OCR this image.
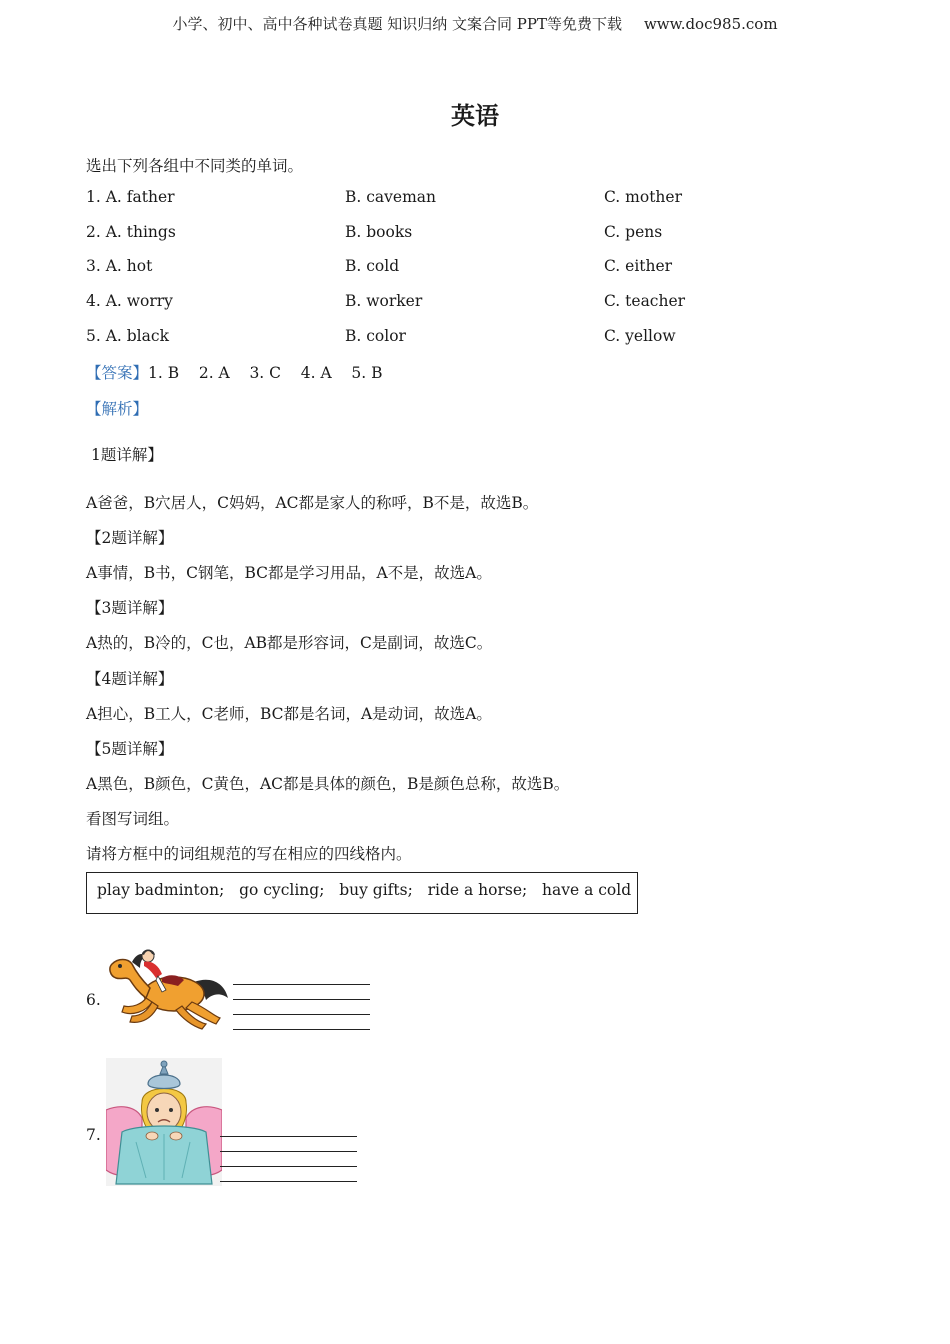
小学、初中、高中各种试卷真题 知识归纳 文案合同 PPT等免费下载 www.doc985.com
英语
选出下列各组中不同类的单词。
1. A. father	B. caveman	C. mother
2. A. things	B. books	C. pens
3. A. hot	B. cold	C. either
4. A. worry	B. worker	C. teacher
5. A. black	B. color	C. yellow
【答案】1. B    2. A    3. C    4. A    5. B
【解析】
1题详解】
A爸爸，B穴居人，C妈妈，AC都是家人的称呼，B不是，故选B。
【2题详解】
A事情，B书，C钢笔，BC都是学习用品，A不是，故选A。
【3题详解】
A热的，B冷的，C也，AB都是形容词，C是副词，故选C。
【4题详解】
A担心，B工人，C老师，BC都是名词，A是动词，故选A。
【5题详解】
A黑色，B颜色，C黄色，AC都是具体的颜色，B是颜色总称，故选B。
看图写词组。
请将方框中的词组规范的写在相应的四线格内。
play badminton;   go cycling;   buy gifts;   ride a horse;   have a cold
6.
7.
